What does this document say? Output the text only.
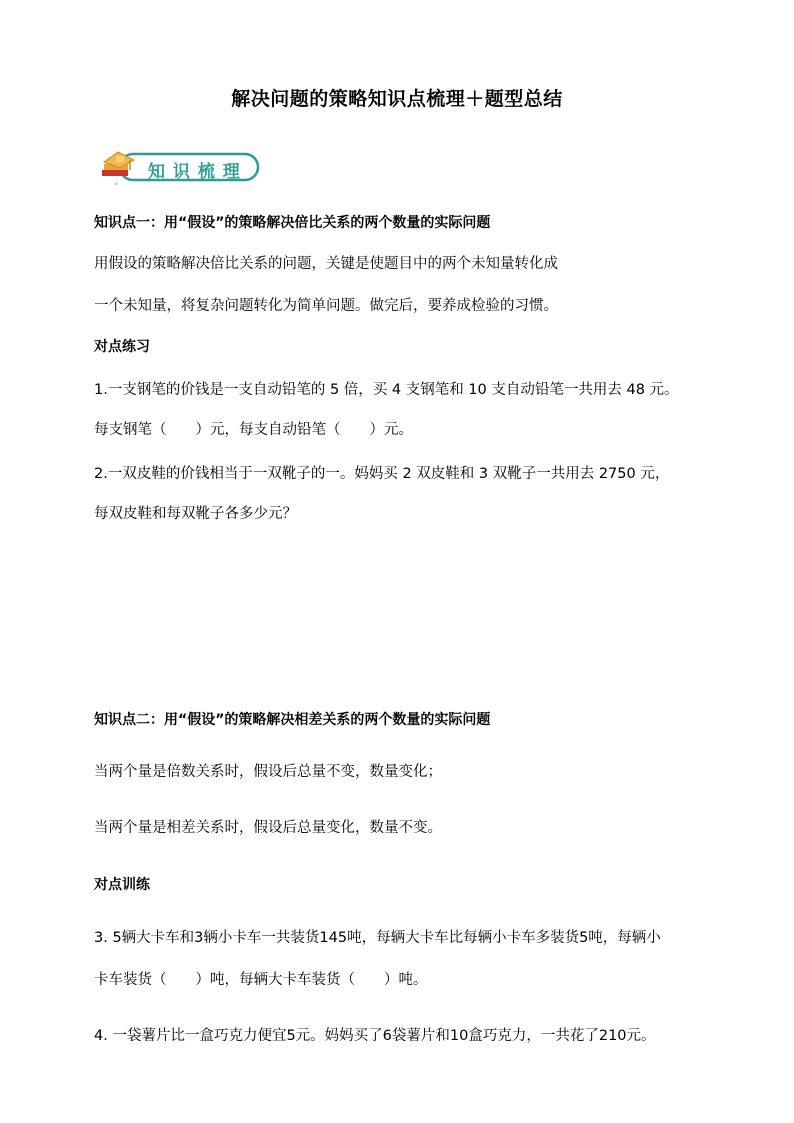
解决问题的策略知识点梳理＋题型总结
»
知 识 梳 理
知识点一：用“假设”的策略解决倍比关系的两个数量的实际问题
用假设的策略解决倍比关系的问题，关键是使题目中的两个未知量转化成
一个未知量，将复杂问题转化为简单问题。做完后，要养成检验的习惯。
对点练习
1.一支钢笔的价钱是一支自动铅笔的 5 倍，买 4 支钢笔和 10 支自动铅笔一共用去 48 元。
每支钢笔（　　）元，每支自动铅笔（　　）元。
2.一双皮鞋的价钱相当于一双靴子的一。妈妈买 2 双皮鞋和 3 双靴子一共用去 2750 元，
每双皮鞋和每双靴子各多少元？
知识点二：用“假设”的策略解决相差关系的两个数量的实际问题
当两个量是倍数关系时，假设后总量不变，数量变化；
当两个量是相差关系时，假设后总量变化，数量不变。
对点训练
3. 5辆大卡车和3辆小卡车一共装货145吨，每辆大卡车比每辆小卡车多装货5吨，每辆小
卡车装货（　　）吨，每辆大卡车装货（　　）吨。
4. 一袋薯片比一盒巧克力便宜5元。妈妈买了6袋薯片和10盒巧克力，一共花了210元。
